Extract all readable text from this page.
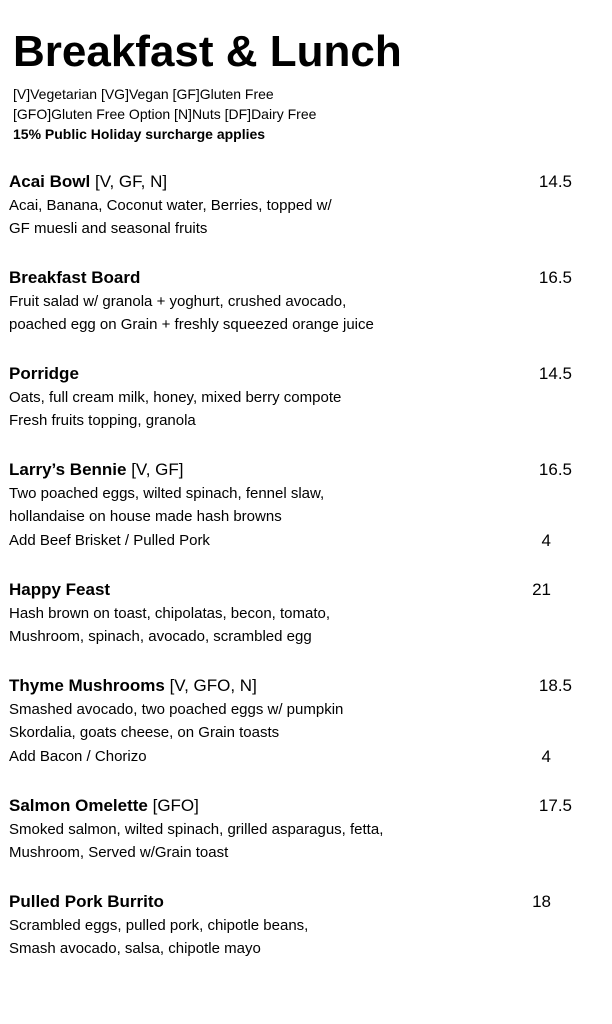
Breakfast & Lunch
[V]Vegetarian [VG]Vegan [GF]Gluten Free
[GFO]Gluten Free Option [N]Nuts [DF]Dairy Free
15% Public Holiday surcharge applies
Acai Bowl [V, GF, N]	14.5
Acai, Banana, Coconut water, Berries, topped w/
GF muesli and seasonal fruits
Breakfast Board	16.5
Fruit salad w/ granola + yoghurt, crushed avocado,
poached egg on Grain + freshly squeezed orange juice
Porridge	14.5
Oats, full cream milk, honey, mixed berry compote
Fresh fruits topping, granola
Larry’s Bennie [V, GF]	16.5
Two poached eggs, wilted spinach, fennel slaw,
hollandaise on house made hash browns
Add Beef Brisket / Pulled Pork	4
Happy Feast	21
Hash brown on toast, chipolatas, becon, tomato,
Mushroom, spinach, avocado, scrambled egg
Thyme Mushrooms [V, GFO, N]	18.5
Smashed avocado, two poached eggs w/ pumpkin
Skordalia, goats cheese, on Grain toasts
Add Bacon / Chorizo	4
Salmon Omelette [GFO]	17.5
Smoked salmon, wilted spinach, grilled asparagus, fetta,
Mushroom, Served w/Grain toast
Pulled Pork Burrito	18
Scrambled eggs, pulled pork, chipotle beans,
Smash avocado, salsa, chipotle mayo
